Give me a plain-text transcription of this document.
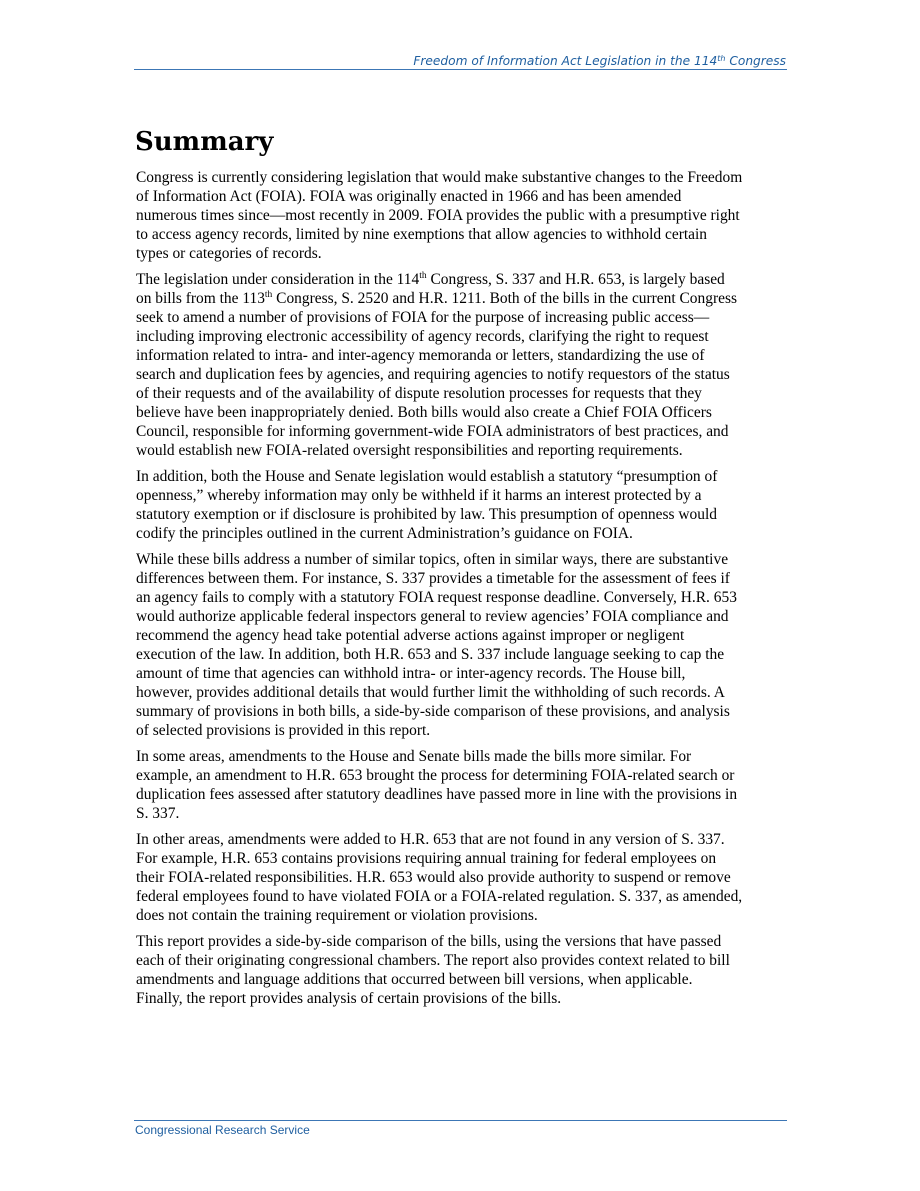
Freedom of Information Act Legislation in the 114th Congress
Summary

Congress is currently considering legislation that would make substantive changes to the Freedom
of Information Act (FOIA). FOIA was originally enacted in 1966 and has been amended
numerous times since—most recently in 2009. FOIA provides the public with a presumptive right
to access agency records, limited by nine exemptions that allow agencies to withhold certain
types or categories of records.

The legislation under consideration in the 114th Congress, S. 337 and H.R. 653, is largely based
on bills from the 113th Congress, S. 2520 and H.R. 1211. Both of the bills in the current Congress
seek to amend a number of provisions of FOIA for the purpose of increasing public access—
including improving electronic accessibility of agency records, clarifying the right to request
information related to intra- and inter-agency memoranda or letters, standardizing the use of
search and duplication fees by agencies, and requiring agencies to notify requestors of the status
of their requests and of the availability of dispute resolution processes for requests that they
believe have been inappropriately denied. Both bills would also create a Chief FOIA Officers
Council, responsible for informing government-wide FOIA administrators of best practices, and
would establish new FOIA-related oversight responsibilities and reporting requirements.

In addition, both the House and Senate legislation would establish a statutory “presumption of
openness,” whereby information may only be withheld if it harms an interest protected by a
statutory exemption or if disclosure is prohibited by law. This presumption of openness would
codify the principles outlined in the current Administration’s guidance on FOIA.

While these bills address a number of similar topics, often in similar ways, there are substantive
differences between them. For instance, S. 337 provides a timetable for the assessment of fees if
an agency fails to comply with a statutory FOIA request response deadline. Conversely, H.R. 653
would authorize applicable federal inspectors general to review agencies’ FOIA compliance and
recommend the agency head take potential adverse actions against improper or negligent
execution of the law. In addition, both H.R. 653 and S. 337 include language seeking to cap the
amount of time that agencies can withhold intra- or inter-agency records. The House bill,
however, provides additional details that would further limit the withholding of such records. A
summary of provisions in both bills, a side-by-side comparison of these provisions, and analysis
of selected provisions is provided in this report.

In some areas, amendments to the House and Senate bills made the bills more similar. For
example, an amendment to H.R. 653 brought the process for determining FOIA-related search or
duplication fees assessed after statutory deadlines have passed more in line with the provisions in
S. 337.

In other areas, amendments were added to H.R. 653 that are not found in any version of S. 337.
For example, H.R. 653 contains provisions requiring annual training for federal employees on
their FOIA-related responsibilities. H.R. 653 would also provide authority to suspend or remove
federal employees found to have violated FOIA or a FOIA-related regulation. S. 337, as amended,
does not contain the training requirement or violation provisions.

This report provides a side-by-side comparison of the bills, using the versions that have passed
each of their originating congressional chambers. The report also provides context related to bill
amendments and language additions that occurred between bill versions, when applicable.
Finally, the report provides analysis of certain provisions of the bills.

Congressional Research Service
